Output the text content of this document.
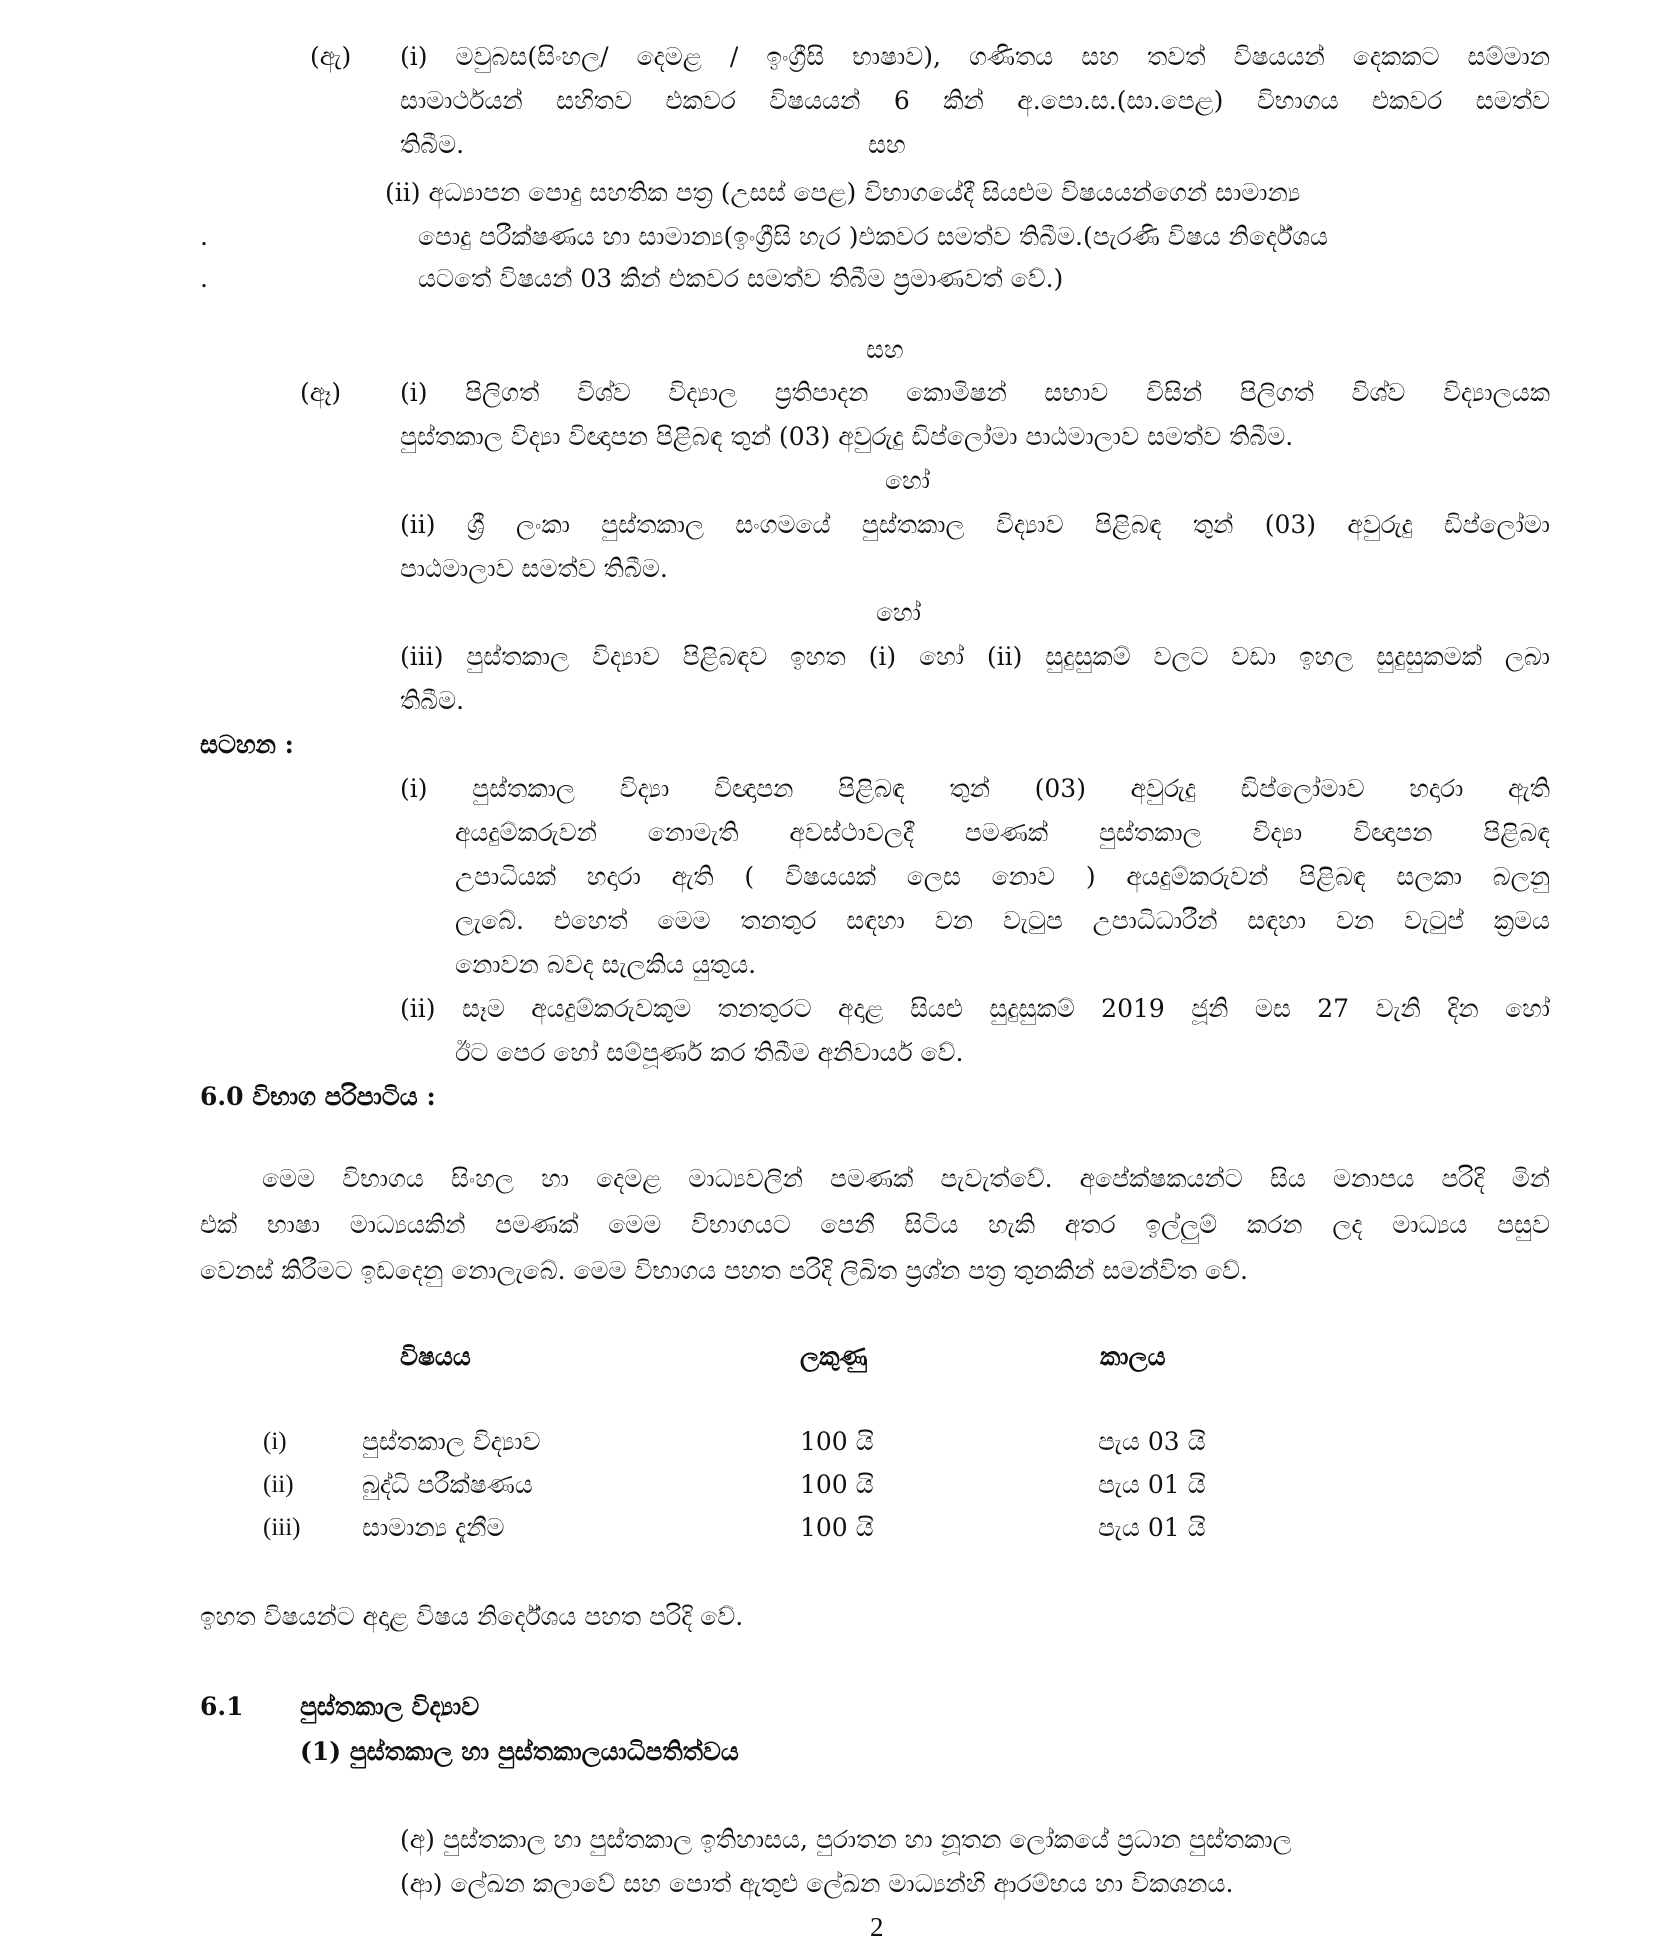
(ඇ) (i) මවුබස(සිංහල/ දෙමළ / ඉංග්‍රීසි භාෂාව), ගණිතය සහ තවත් විෂයයන් දෙකකට සම්මාන
සාමාර්ථයන් සහිතව එකවර විෂයයන් 6 කින් අ.පො.ස.(සා.පෙළ) විභාගය එකවර සමත්ව
තිබීම.	සහ
(ii) අධ්‍යාපන පොදු සහතික පත්‍ර (උසස් පෙළ) විභාගයේදී සියළුම විෂයයන්ගෙන් සාමාන්‍ය
.	පොදු පරීක්ෂණය හා සාමාන්‍ය(ඉංග්‍රීසි හැර )එකවර සමත්ව තිබීම.(පැරණි විෂය නිර්දේශය
.	යටතේ විෂයන් 03 කින් එකවර සමත්ව තිබීම ප්‍රමාණවත් වේ.)
සහ
(ඈ) (i) පිලිගත් විශ්ව විද්‍යාල ප්‍රතිපාදන කොමිෂන් සභාව විසින් පිලිගත් විශ්ව විද්‍යාලයක
පුස්තකාල විද්‍යා විඥාපන පිළිබඳ තුන් (03) අවුරුදු ඩිප්ලෝමා පාඨමාලාව සමත්ව තිබීම.
හෝ
(ii) ශ්‍රී ලංකා පුස්තකාල සංගමයේ පුස්තකාල විද්‍යාව පිළිබඳ තුන් (03) අවුරුදු ඩිප්ලෝමා
පාඨමාලාව සමත්ව තිබීම.
හෝ
(iii) පුස්තකාල විද්‍යාව පිළිබඳව ඉහත (i) හෝ (ii) සුදුසුකම් වලට වඩා ඉහල සුදුසුකමක් ලබා
තිබීම.
සටහන :
(i) පුස්තකාල විද්‍යා විඥාපන පිළිබඳ තුන් (03) අවුරුදු ඩිප්ලෝමාව හදාරා ඇති
අයදුම්කරුවන් නොමැති අවස්ථාවලදී පමණක් පුස්තකාල විද්‍යා විඥාපන පිළිබඳ
උපාධියක් හදාරා ඇති ( විෂයයක් ලෙස නොව ) අයදුම්කරුවන් පිළිබඳ සලකා බලනු
ලැබේ. එහෙත් මෙම තනතුර සඳහා වන වැටුප උපාධිධාරීන් සඳහා වන වැටුප් ක්‍රමය
නොවන බවද සැලකිය යුතුය.
(ii) සෑම අයදුම්කරුවකුම තනතුරට අදාළ සියළු සුදුසුකම් 2019 ජූනි මස 27 වැනි දින හෝ
ඊට පෙර හෝ සම්පූර්ණ කර තිබීම අනිවාර්ය වේ.
6.0 විභාග පරිපාටිය :
මෙම විභාගය සිංහල හා දෙමළ මාධ්‍යවලින් පමණක් පැවැත්වේ. අපේක්ෂකයන්ට සිය මනාපය පරිදි මින්
එක් භාෂා මාධ්‍යයකින් පමණක් මෙම විභාගයට පෙනී සිටිය හැකි අතර ඉල්ලුම් කරන ලද මාධ්‍යය පසුව
වෙනස් කිරීමට ඉඩදෙනු නොලැබේ. මෙම විභාගය පහත පරිදි ලිඛිත ප්‍රශ්න පත්‍ර තුනකින් සමන්විත වේ.
විෂයය	ලකුණු	කාලය
(i)	පුස්තකාල විද්‍යාව	100 යි	පැය 03 යි
(ii)	බුද්ධි පරීක්ෂණය	100 යි	පැය 01 යි
(iii) සාමාන්‍ය දැනීම	100 යි	පැය 01 යි
ඉහත විෂයන්ට අදාළ විෂය නිර්දේශය පහත පරිදි වේ.
6.1 පුස්තකාල විද්‍යාව
(1) පුස්තකාල හා පුස්තකාලයාධිපතිත්වය
(අ) පුස්තකාල හා පුස්තකාල ඉතිහාසය, පුරාතන හා නූතන ලෝකයේ ප්‍රධාන පුස්තකාල
(ආ) ලේඛන කලාවේ සහ පොත් ඇතුළු ලේඛන මාධ්‍යන්හි ආරම්භය හා විකශනය.
2
